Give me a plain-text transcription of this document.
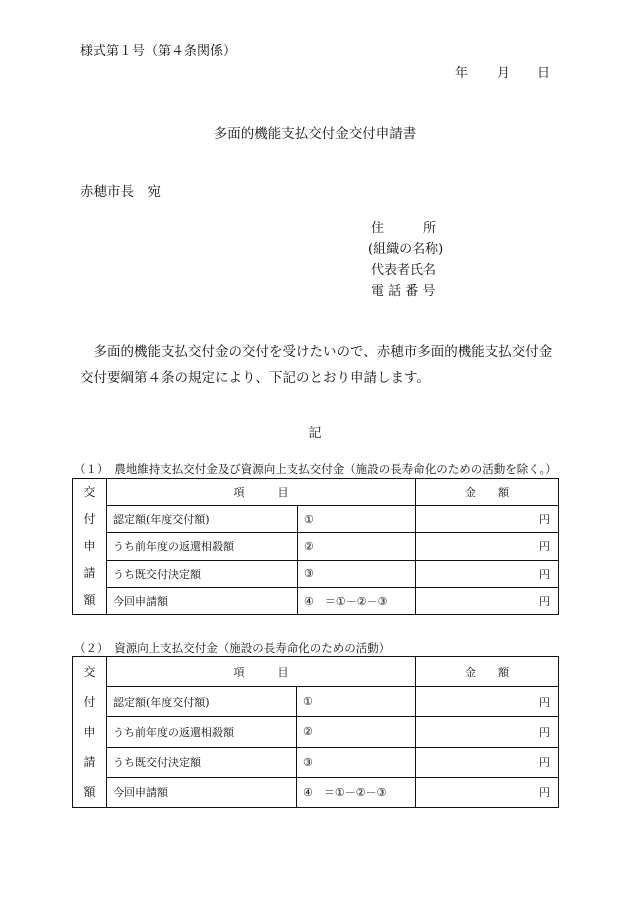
様式第１号（第４条関係）
年 月 日
多面的機能支払交付金交付申請書
赤穂市長　宛
住　　　所
(組織の名称)
代表者氏名
電 話 番 号

　多面的機能支払交付金の交付を受けたいので、赤穂市多面的機能支払交付金

交付要綱第４条の規定により、下記のとおり申請します。

記
（１）　農地維持支払交付金及び資源向上支払交付金（施設の長寿命化のための活動を除く。）
交
付
申
請
額	項　　　目		金　　額
	認定額(年度交付額)	①	円
	うち前年度の返還相殺額	②	円
	うち既交付決定額	③	円
	今回申請額	④　＝①－②－③	円
（２）　資源向上支払交付金（施設の長寿命化のための活動）
交
付
申
請
額	項　　　目		金　　額
	認定額(年度交付額)	①	円
	うち前年度の返還相殺額	②	円
	うち既交付決定額	③	円
	今回申請額	④　＝①－②－③	円
